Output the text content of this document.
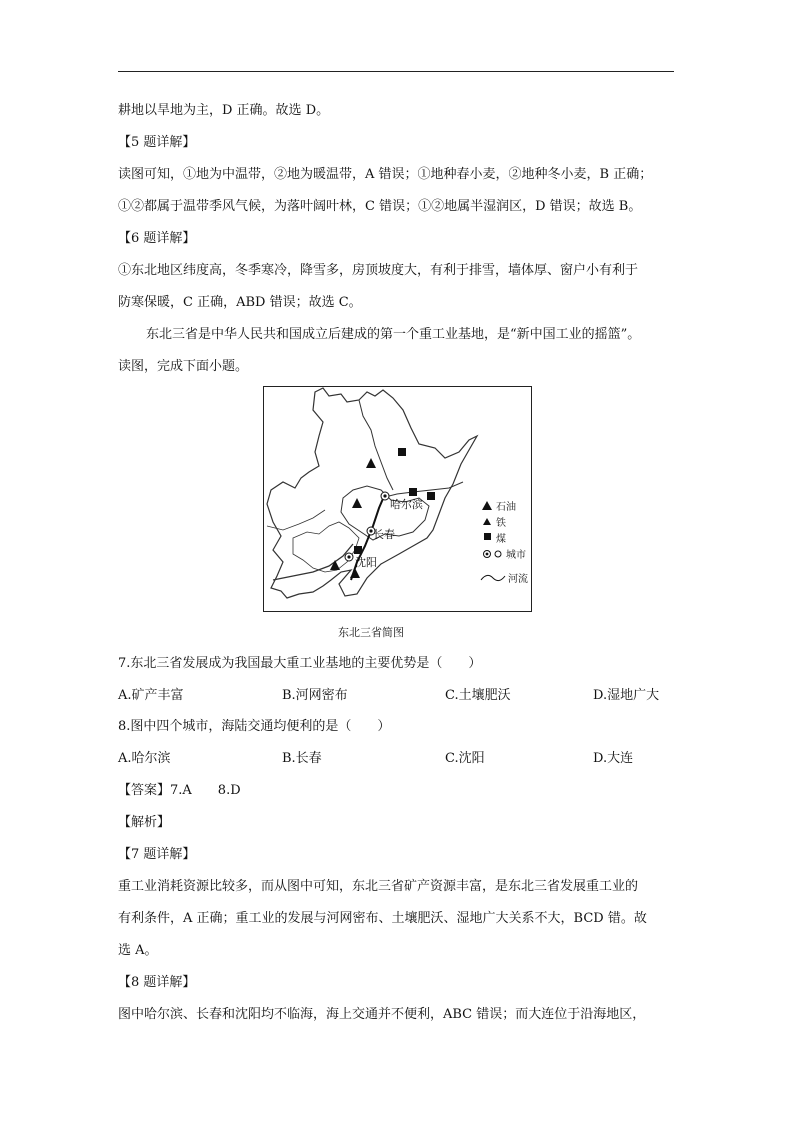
耕地以旱地为主，D 正确。故选 D。
【5 题详解】
读图可知，①地为中温带，②地为暖温带，A 错误；①地种春小麦，②地种冬小麦，B 正确；
①②都属于温带季风气候，为落叶阔叶林，C 错误；①②地属半湿润区，D 错误；故选 B。
【6 题详解】
①东北地区纬度高，冬季寒冷，降雪多，房顶坡度大，有利于排雪，墙体厚、窗户小有利于
防寒保暖，C 正确，ABD 错误；故选 C。
东北三省是中华人民共和国成立后建成的第一个重工业基地，是“新中国工业的摇篮”。
读图，完成下面小题。
哈尔滨
长春
沈阳
石油
铁
煤
城市
河流
东北三省简图
7.东北三省发展成为我国最大重工业基地的主要优势是（　　）
A.矿产丰富	B.河网密布	C.土壤肥沃	D.湿地广大
8.图中四个城市，海陆交通均便利的是（　　）
A.哈尔滨	B.长春	C.沈阳	D.大连
【答案】7.A　　8.D
【解析】
【7 题详解】
重工业消耗资源比较多，而从图中可知，东北三省矿产资源丰富，是东北三省发展重工业的
有利条件，A 正确；重工业的发展与河网密布、土壤肥沃、湿地广大关系不大，BCD 错。故
选 A。
【8 题详解】
图中哈尔滨、长春和沈阳均不临海，海上交通并不便利，ABC 错误；而大连位于沿海地区，
